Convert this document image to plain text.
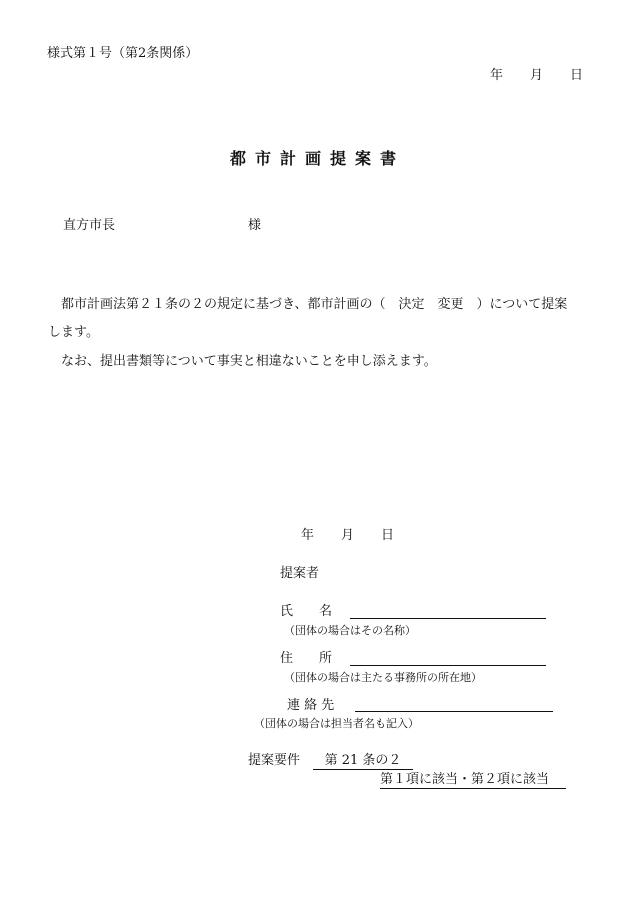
様式第１号（第2条関係）
年 月 日
都市計画提案書
直方市長	様
都市計画法第２１条の２の規定に基づき、都市計画の（　決定　変更　）について提案
します。
なお、提出書類等について事実と相違ないことを申し添えます。
年 月 日
提案者
氏　　名
（団体の場合はその名称）
住　　所
（団体の場合は主たる事務所の所在地）
連 絡 先
（団体の場合は担当者名も記入）
提案要件	第 21 条の２
第１項に該当・第２項に該当
